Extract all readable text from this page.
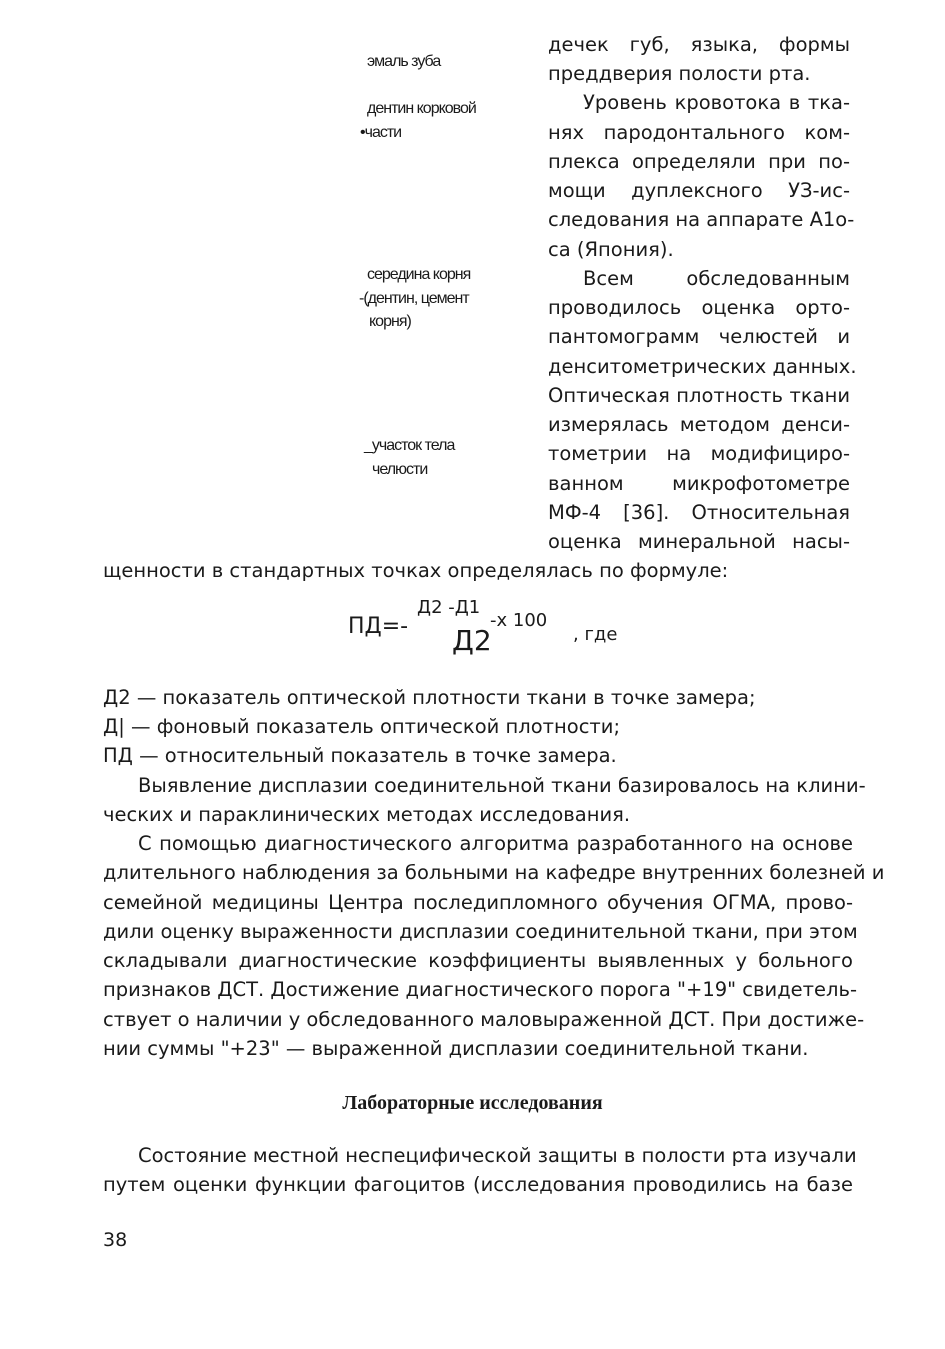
эмаль зуба
дентин корковой
•части
середина корня
-(дентин, цемент
корня)
_участок тела
челюсти
дечек губ, языка, формы
преддверия полости рта.
Уровень кровотока в тка-
нях пародонтального ком-
плекса определяли при по-
мощи дуплексного УЗ-ис-
следования на аппарате А1о-
са (Япония).
Всем обследованным
проводилось оценка орто-
пантомограмм челюстей и
денситометрических данных.
Оптическая плотность ткани
измерялась методом денси-
тометрии на модифициро-
ванном микрофотометре
МФ-4 [36]. Относительная
оценка минеральной насы-
щенности в стандартных точках определялась по формуле:
ПД=-
Д2 -Д1
-х 100
Д2	, где
Д2 — показатель оптической плотности ткани в точке замера;
Д| — фоновый показатель оптической плотности;
ПД — относительный показатель в точке замера.
Выявление дисплазии соединительной ткани базировалось на клини-
ческих и параклинических методах исследования.
С помощью диагностического алгоритма разработанного на основе
длительного наблюдения за больными на кафедре внутренних болезней и
семейной медицины Центра последипломного обучения ОГМА, прово-
дили оценку выраженности дисплазии соединительной ткани, при этом
складывали диагностические коэффициенты выявленных у больного
признаков ДСТ. Достижение диагностического порога "+19" свидетель-
ствует о наличии у обследованного маловыраженной ДСТ. При достиже-
нии суммы "+23" — выраженной дисплазии соединительной ткани.
Лабораторные исследования
Состояние местной неспецифической защиты в полости рта изучали
путем оценки функции фагоцитов (исследования проводились на базе
38
